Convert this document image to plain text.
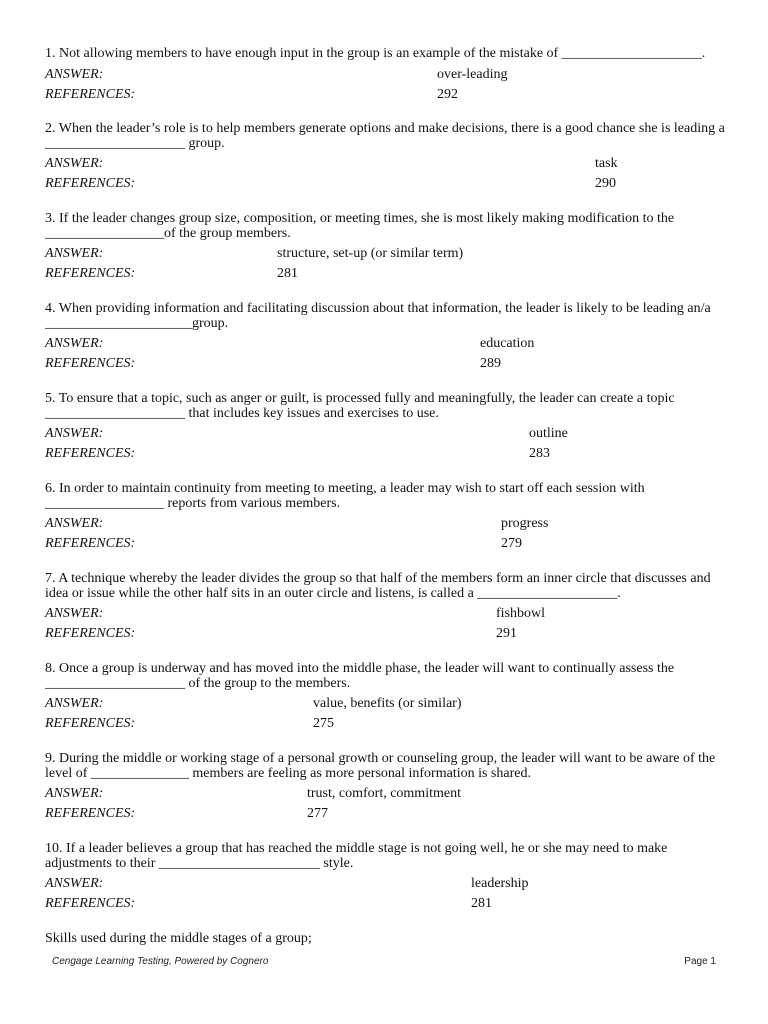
1. Not allowing members to have enough input in the group is an example of the mistake of ____________________.
ANSWER:	over-leading
REFERENCES:	292
2. When the leader’s role is to help members generate options and make decisions, there is a good chance she is leading a ____________________ group.
ANSWER:	task
REFERENCES:	290
3. If the leader changes group size, composition, or meeting times, she is most likely making modification to the _________________of the group members.
ANSWER:	structure, set-up (or similar term)
REFERENCES:	281
4. When providing information and facilitating discussion about that information, the leader is likely to be leading an/a _____________________group.
ANSWER:	education
REFERENCES:	289
5. To ensure that a topic, such as anger or guilt, is processed fully and meaningfully, the leader can create a topic ____________________ that includes key issues and exercises to use.
ANSWER:	outline
REFERENCES:	283
6. In order to maintain continuity from meeting to meeting, a leader may wish to start off each session with _________________ reports from various members.
ANSWER:	progress
REFERENCES:	279
7. A technique whereby the leader divides the group so that half of the members form an inner circle that discusses and idea or issue while the other half sits in an outer circle and listens, is called a ____________________.
ANSWER:	fishbowl
REFERENCES:	291
8. Once a group is underway and has moved into the middle phase, the leader will want to continually assess the ____________________ of the group to the members.
ANSWER:	value, benefits (or similar)
REFERENCES:	275
9. During the middle or working stage of a personal growth or counseling group, the leader will want to be aware of the level of ______________ members are feeling as more personal information is shared.
ANSWER:	trust, comfort, commitment
REFERENCES:	277
10. If a leader believes a group that has reached the middle stage is not going well, he or she may need to make adjustments to their _______________________ style.
ANSWER:	leadership
REFERENCES:	281
Skills used during the middle stages of a group;
Cengage Learning Testing, Powered by Cognero	Page 1
